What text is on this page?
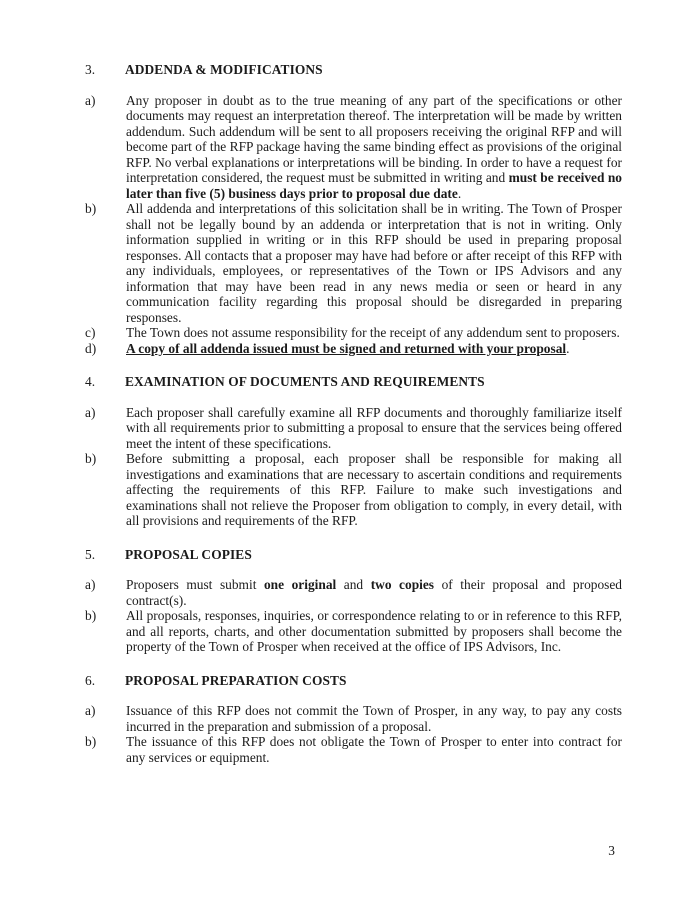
3.	ADDENDA & MODIFICATIONS
a)	Any proposer in doubt as to the true meaning of any part of the specifications or other documents may request an interpretation thereof. The interpretation will be made by written addendum. Such addendum will be sent to all proposers receiving the original RFP and will become part of the RFP package having the same binding effect as provisions of the original RFP. No verbal explanations or interpretations will be binding. In order to have a request for interpretation considered, the request must be submitted in writing and must be received no later than five (5) business days prior to proposal due date.

b)	All addenda and interpretations of this solicitation shall be in writing. The Town of Prosper shall not be legally bound by an addenda or interpretation that is not in writing. Only information supplied in writing or in this RFP should be used in preparing proposal responses. All contacts that a proposer may have had before or after receipt of this RFP with any individuals, employees, or representatives of the Town or IPS Advisors and any information that may have been read in any news media or seen or heard in any communication facility regarding this proposal should be disregarded in preparing responses.

c)	The Town does not assume responsibility for the receipt of any addendum sent to proposers.

d)	A copy of all addenda issued must be signed and returned with your proposal.

4.	EXAMINATION OF DOCUMENTS AND REQUIREMENTS
a)	Each proposer shall carefully examine all RFP documents and thoroughly familiarize itself with all requirements prior to submitting a proposal to ensure that the services being offered meet the intent of these specifications.

b)	Before submitting a proposal, each proposer shall be responsible for making all investigations and examinations that are necessary to ascertain conditions and requirements affecting the requirements of this RFP. Failure to make such investigations and examinations shall not relieve the Proposer from obligation to comply, in every detail, with all provisions and requirements of the RFP.

5.	PROPOSAL COPIES
a)	Proposers must submit one original and two copies of their proposal and proposed contract(s).

b)	All proposals, responses, inquiries, or correspondence relating to or in reference to this RFP, and all reports, charts, and other documentation submitted by proposers shall become the property of the Town of Prosper when received at the office of IPS Advisors, Inc.

6.	PROPOSAL PREPARATION COSTS
a)	Issuance of this RFP does not commit the Town of Prosper, in any way, to pay any costs incurred in the preparation and submission of a proposal.

b)	The issuance of this RFP does not obligate the Town of Prosper to enter into contract for any services or equipment.

3
